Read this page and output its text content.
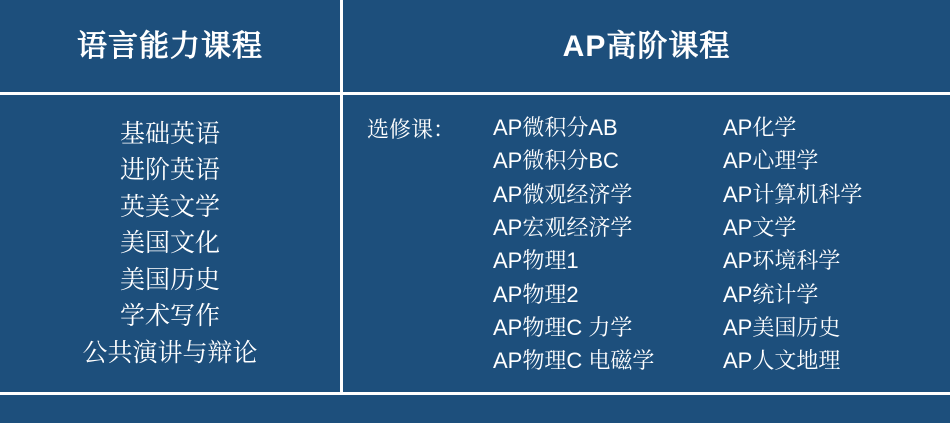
语言能力课程	AP高阶课程
基础英语
进阶英语
英美文学
美国文化
美国历史
学术写作
公共演讲与辩论
选修课：	AP微积分AB
AP微积分BC
AP微观经济学
AP宏观经济学
AP物理1
AP物理2
AP物理C 力学
AP物理C 电磁学
AP化学
AP心理学
AP计算机科学
AP文学
AP环境科学
AP统计学
AP美国历史
AP人文地理
